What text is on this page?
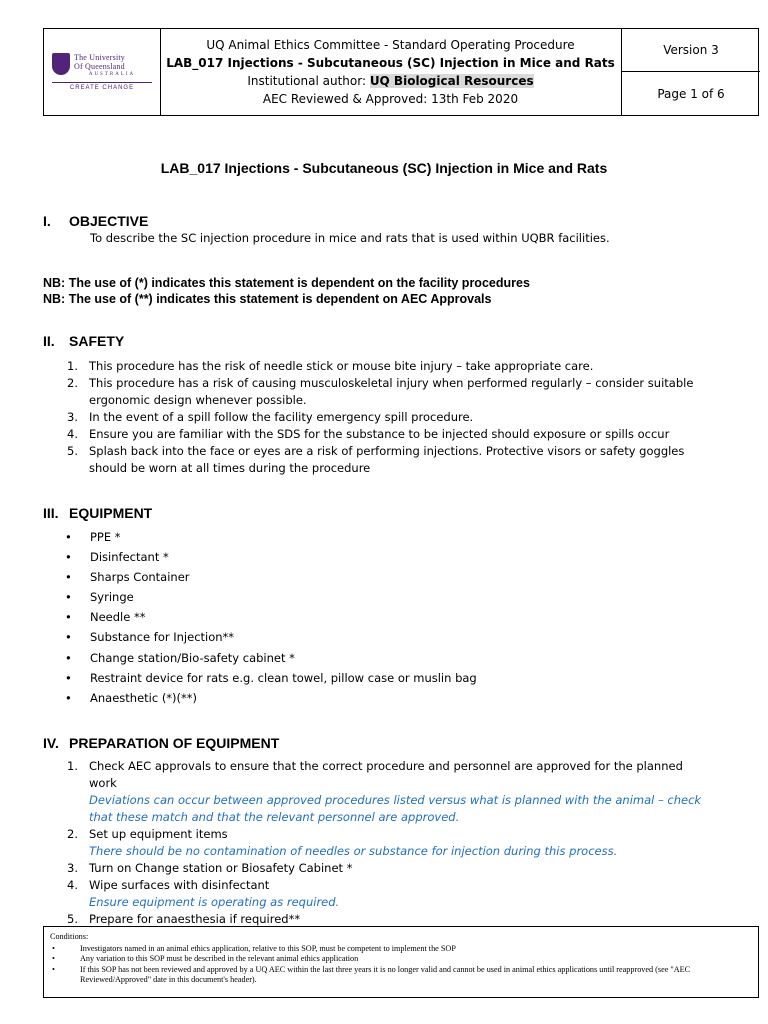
The University
Of Queensland
AUSTRALIA
CREATE CHANGE
UQ Animal Ethics Committee - Standard Operating Procedure
LAB_017 Injections - Subcutaneous (SC) Injection in Mice and Rats
Institutional author: UQ Biological Resources
AEC Reviewed & Approved: 13th Feb 2020
Version 3
Page 1 of 6
LAB_017 Injections - Subcutaneous (SC) Injection in Mice and Rats
I. OBJECTIVE

To describe the SC injection procedure in mice and rats that is used within UQBR facilities.

NB: The use of (*) indicates this statement is dependent on the facility procedures

NB: The use of (**) indicates this statement is dependent on AEC Approvals

II. SAFETY
1. This procedure has the risk of needle stick or mouse bite injury – take appropriate care.
2. This procedure has a risk of causing musculoskeletal injury when performed regularly – consider suitable ergonomic design whenever possible.
3. In the event of a spill follow the facility emergency spill procedure.
4. Ensure you are familiar with the SDS for the substance to be injected should exposure or spills occur
5. Splash back into the face or eyes are a risk of performing injections. Protective visors or safety goggles should be worn at all times during the procedure
III. EQUIPMENT
• PPE *
• Disinfectant *
• Sharps Container
• Syringe
• Needle **
• Substance for Injection**
• Change station/Bio-safety cabinet *
• Restraint device for rats e.g. clean towel, pillow case or muslin bag
• Anaesthetic (*)(**)
IV. PREPARATION OF EQUIPMENT
1. Check AEC approvals to ensure that the correct procedure and personnel are approved for the planned work
Deviations can occur between approved procedures listed versus what is planned with the animal – check that these match and that the relevant personnel are approved.
2. Set up equipment items
There should be no contamination of needles or substance for injection during this process.
3. Turn on Change station or Biosafety Cabinet *
4. Wipe surfaces with disinfectant
Ensure equipment is operating as required.
5. Prepare for anaesthesia if required**
Conditions:
•	Investigators named in an animal ethics application, relative to this SOP, must be competent to implement the SOP
•	Any variation to this SOP must be described in the relevant animal ethics application
•	If this SOP has not been reviewed and approved by a UQ AEC within the last three years it is no longer valid and cannot be used in animal ethics applications until reapproved (see "AEC Reviewed/Approved" date in this document's header).
